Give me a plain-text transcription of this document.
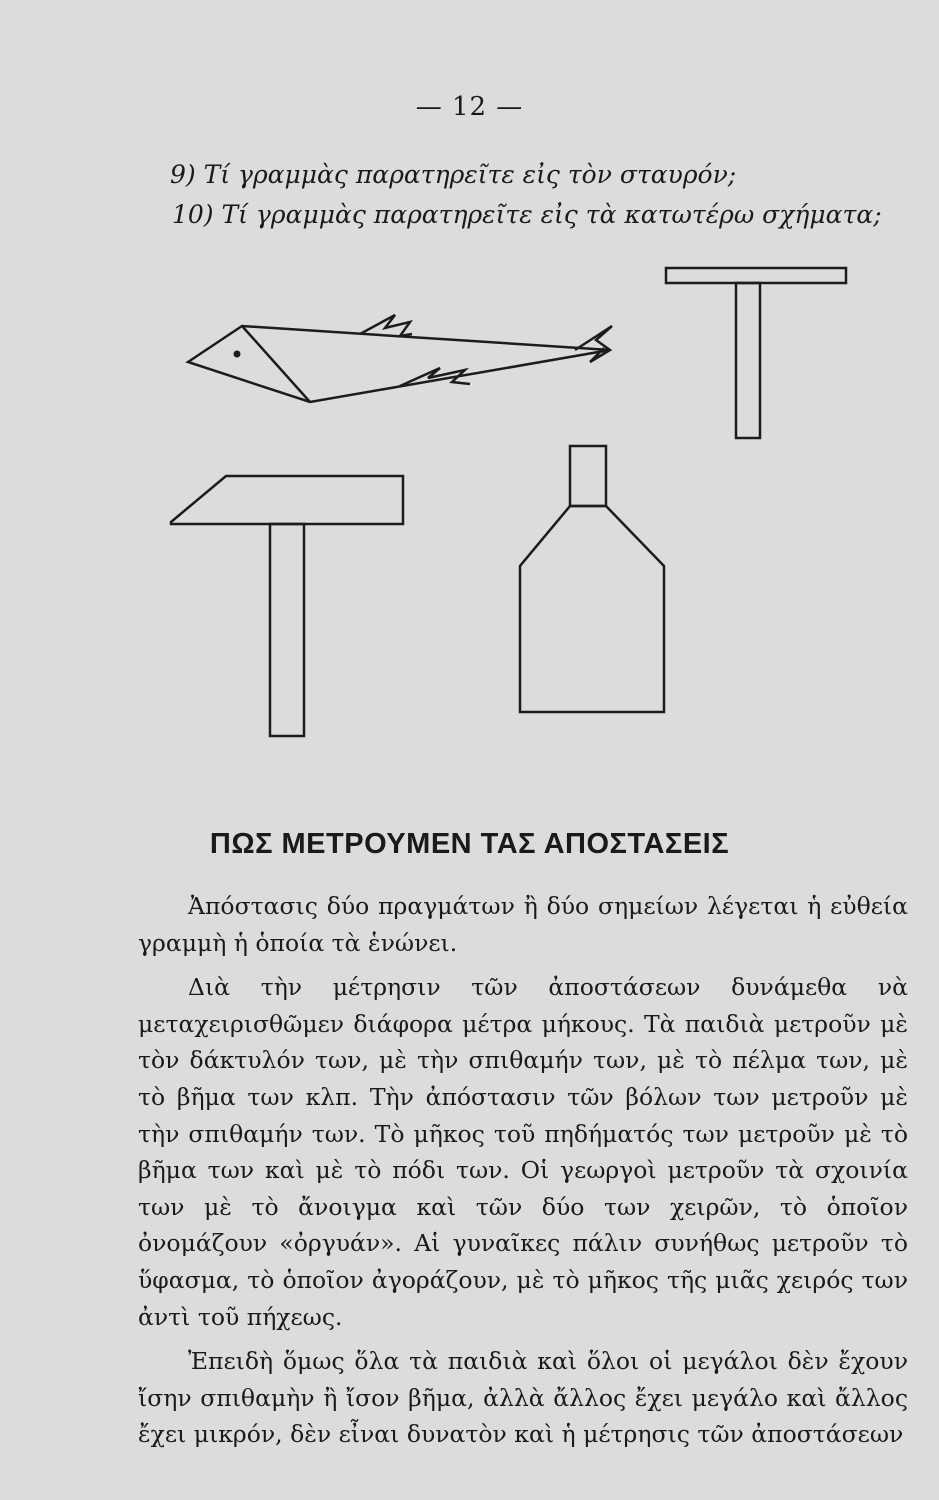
— 12 —
9) Τί γραμμὰς παρατηρεῖτε εἰς τὸν σταυρόν;
10) Τί γραμμὰς παρατηρεῖτε εἰς τὰ κατωτέρω σχήματα;
ΠΩΣ ΜΕΤΡΟΥΜΕΝ ΤΑΣ ΑΠΟΣΤΑΣΕΙΣ

Ἀπόστασις δύο πραγμάτων ἢ δύο σημείων λέγεται ἡ εὐθεία γραμμὴ ἡ ὁποία τὰ ἑνώνει.

Διὰ τὴν μέτρησιν τῶν ἀποστάσεων δυνάμεθα νὰ μεταχειρισθῶμεν διάφορα μέτρα μήκους. Τὰ παιδιὰ μετροῦν μὲ τὸν δάκτυλόν των, μὲ τὴν σπιθαμήν των, μὲ τὸ πέλμα των, μὲ τὸ βῆμα των κλπ. Τὴν ἀπόστασιν τῶν βόλων των μετροῦν μὲ τὴν σπιθαμήν των. Τὸ μῆκος τοῦ πηδήματός των μετροῦν μὲ τὸ βῆμα των καὶ μὲ τὸ πόδι των. Οἱ γεωργοὶ μετροῦν τὰ σχοινία των μὲ τὸ ἄνοιγμα καὶ τῶν δύο των χειρῶν, τὸ ὁποῖον ὀνομάζουν «ὀργυάν». Αἱ γυναῖκες πάλιν συνήθως μετροῦν τὸ ὕφασμα, τὸ ὁποῖον ἀγοράζουν, μὲ τὸ μῆκος τῆς μιᾶς χειρός των ἀντὶ τοῦ πήχεως.

Ἐπειδὴ ὅμως ὅλα τὰ παιδιὰ καὶ ὅλοι οἱ μεγάλοι δὲν ἔχουν ἴσην σπιθαμὴν ἢ ἴσον βῆμα, ἀλλὰ ἄλλος ἔχει μεγάλο καὶ ἄλλος ἔχει μικρόν, δὲν εἶναι δυνατὸν καὶ ἡ μέτρησις τῶν ἀποστάσεων
